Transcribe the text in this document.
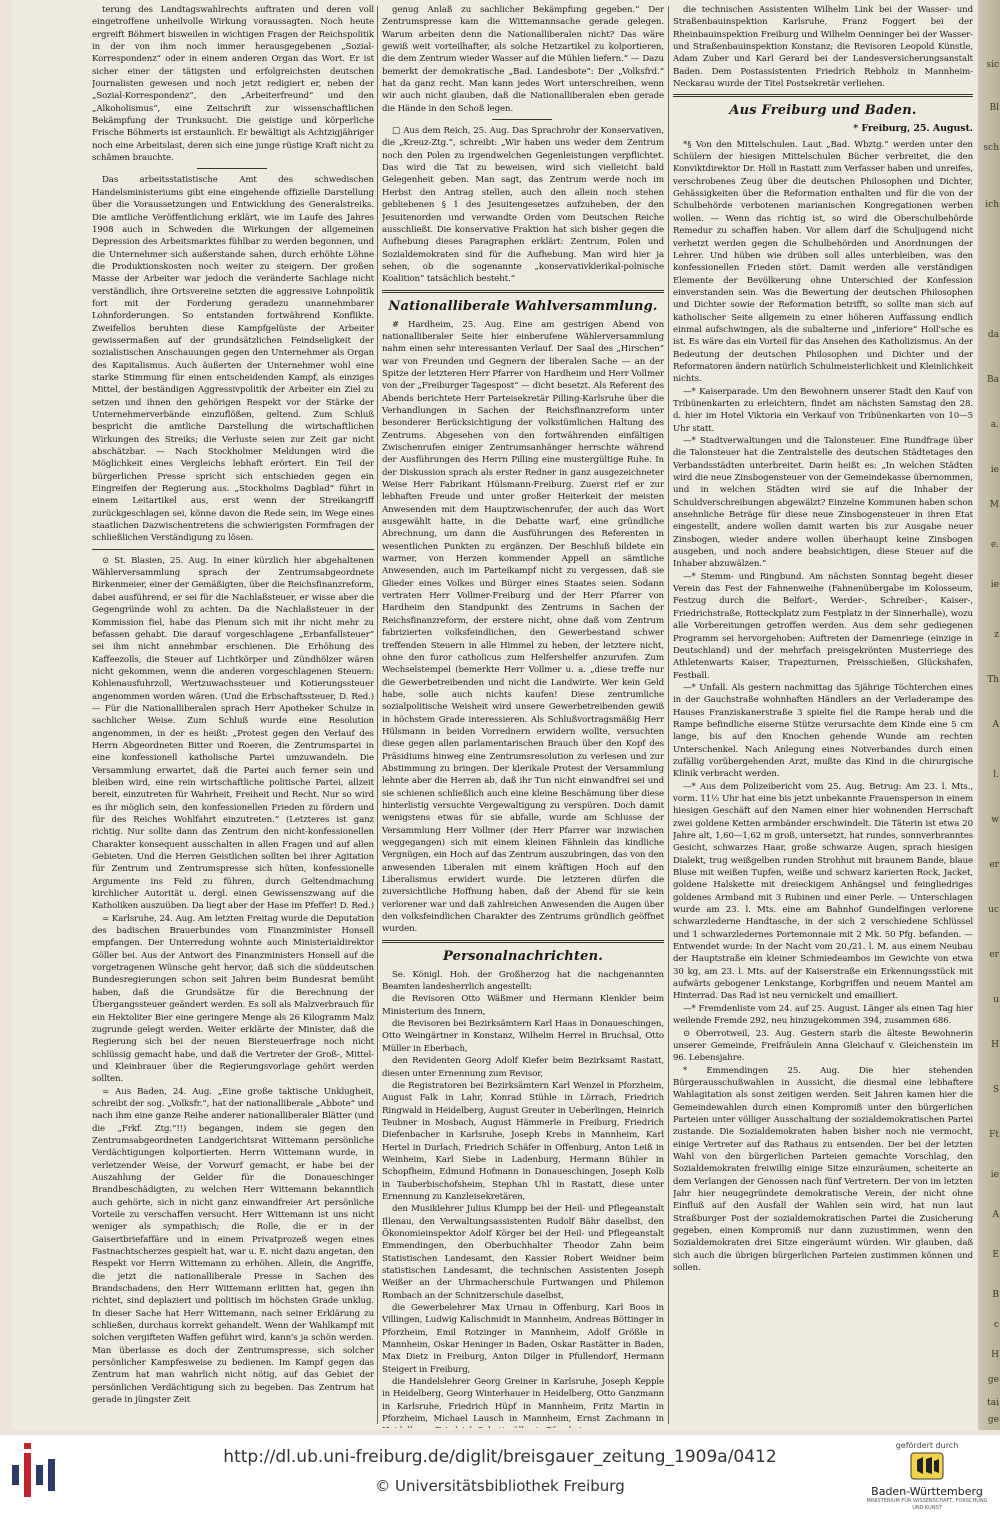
terung des Landtagswahlrechts auftraten und deren voll eingetroffene unheilvolle Wirkung voraussagten. Noch heute ergreift Böhmert bisweilen in wichtigen Fragen der Reichspolitik in der von ihm noch immer herausgegebenen „Sozial-Korrespondenz“ oder in einem anderen Organ das Wort. Er ist sicher einer der tätigsten und erfolgreichsten deutschen Journalisten gewesen und noch jetzt redigiert er, neben der „Sozial-Korrespondenz“, den „Arbeiterfreund“ und den „Alkoholismus“, eine Zeitschrift zur wissenschaftlichen Bekämpfung der Trunksucht. Die geistige und körperliche Frische Böhmerts ist erstaunlich. Er bewältigt als Achtzigjähriger noch eine Arbeitslast, deren sich eine junge rüstige Kraft nicht zu schämen brauchte.

Das arbeitsstatistische Amt des schwedischen Handelsministeriums gibt eine eingehende offizielle Darstellung über die Voraussetzungen und Entwicklung des Generalstreiks. Die amtliche Veröffentlichung erklärt, wie im Laufe des Jahres 1908 auch in Schweden die Wirkungen der allgemeinen Depression des Arbeitsmarktes fühlbar zu werden begonnen, und die Unternehmer sich außerstande sahen, durch erhöhte Löhne die Produktionskosten noch weiter zu steigern. Der großen Masse der Arbeiter war jedoch die veränderte Sachlage nicht verständlich, ihre Ortsvereine setzten die aggressive Lohnpolitik fort mit der Forderung geradezu unannehmbarer Lohnforderungen. So entstanden fortwährend Konflikte. Zweifellos beruhten diese Kampfgelüste der Arbeiter gewissermaßen auf der grundsätzlichen Feindseligkeit der sozialistischen Anschauungen gegen den Unternehmer als Organ des Kapitalismus. Auch äußerten der Unternehmer wohl eine starke Stimmung für einen entscheidenden Kampf, als einziges Mittel, der beständigen Aggressivpolitik der Arbeiter ein Ziel zu setzen und ihnen den gehörigen Respekt vor der Stärke der Unternehmerverbände einzuflößen, geltend. Zum Schluß bespricht die amtliche Darstellung die wirtschaftlichen Wirkungen des Streiks; die Verluste seien zur Zeit gar nicht abschätzbar. — Nach Stockholmer Meldungen wird die Möglichkeit eines Vergleichs lebhaft erörtert. Ein Teil der bürgerlichen Presse spricht sich entschieden gegen ein Eingreifen der Regierung aus. „Stockholms Dagblad“ führt in einem Leitartikel aus, erst wenn der Streikangriff zurückgeschlagen sei, könne davon die Rede sein, im Wege eines staatlichen Dazwischentretens die schwierigsten Formfragen der schließlichen Verständigung zu lösen.

⊙ St. Blasien, 25. Aug. In einer kürzlich hier abgehaltenen Wählerversammlung sprach der Zentrumsabgeordnete Birkenmeier, einer der Gemäßigten, über die Reichsfinanzreform, dabei ausführend, er sei für die Nachlaßsteuer, er wisse aber die Gegengründe wohl zu achten. Da die Nachlaßsteuer in der Kommission fiel, habe das Plenum sich mit ihr nicht mehr zu befassen gehabt. Die darauf vorgeschlagene „Erbanfallsteuer“ sei ihm nicht annehmbar erschienen. Die Erhöhung des Kaffeezolls, die Steuer auf Lichtkörper und Zündhölzer wären nicht gekommen, wenn die anderen vorgeschlagenen Steuern: Kohlenausfuhrzoll, Wertzuwachssteuer und Kotierungssteuer angenommen worden wären. (Und die Erbschaftssteuer, D. Red.) — Für die Nationalliberalen sprach Herr Apotheker Schulze in sachlicher Weise. Zum Schluß wurde eine Resolution angenommen, in der es heißt: „Protest gegen den Verlauf des Herrn Abgeordneten Bitter und Roeren, die Zentrumspartei in eine konfessionell katholische Partei umzuwandeln. Die Versammlung erwartet, daß die Partei auch ferner sein und bleiben wird, eine rein wirtschaftliche politische Partei, allzeit bereit, einzutreten für Wahrheit, Freiheit und Recht. Nur so wird es ihr möglich sein, den konfessionellen Frieden zu fördern und für des Reiches Wohlfahrt einzutreten.“ (Letzteres ist ganz richtig. Nur sollte dann das Zentrum den nicht-konfessionellen Charakter konsequent ausschalten in allen Fragen und auf allen Gebieten. Und die Herren Geistlichen sollten bei ihrer Agitation für Zentrum und Zentrumspresse sich hüten, konfessionelle Argumente ins Feld zu führen, durch Geltendmachung kirchlicher Autorität u. dergl. einen Gewissenszwang auf die Katholiken auszuüben. Da liegt aber der Hase im Pfeffer! D. Red.)

= Karlsruhe, 24. Aug. Am letzten Freitag wurde die Deputation des badischen Brauerbundes vom Finanzminister Honsell empfangen. Der Unterredung wohnte auch Ministerialdirektor Göller bei. Aus der Antwort des Finanzministers Honsell auf die vorgetragenen Wünsche geht hervor, daß sich die süddeutschen Bundesregierungen schon seit Jahren beim Bundesrat bemüht haben, daß die Grundsätze für die Berechnung der Übergangssteuer geändert werden. Es soll als Malzverbrauch für ein Hektoliter Bier eine geringere Menge als 26 Kilogramm Malz zugrunde gelegt werden. Weiter erklärte der Minister, daß die Regierung sich bei der neuen Biersteuerfrage noch nicht schlüssig gemacht habe, und daß die Vertreter der Groß-, Mittel- und Kleinbrauer über die Regierungsvorlage gehört werden sollten.

= Aus Baden, 24. Aug. „Eine große taktische Unklugheit, schreibt der sog. „Volksfr.“, hat der nationalliberale „Abbote“ und nach ihm eine ganze Reihe anderer nationalliberaler Blätter (und die „Frkf. Ztg.“!!) begangen, indem sie gegen den Zentrumsabgeordneten Landgerichtsrat Wittemann persönliche Verdächtigungen kolportierten. Herrn Wittemann wurde, in verletzender Weise, der Vorwurf gemacht, er habe bei der Auszahlung der Gelder für die Donaueschinger Brandbeschädigten, zu welchen Herr Wittemann bekanntlich auch gehörte, sich in nicht ganz einwandfreier Art persönliche Vorteile zu verschaffen versucht. Herr Wittemann ist uns nicht weniger als sympathisch; die Rolle, die er in der Gaisertbriefaffäre und in einem Privatprozeß wegen eines Fastnachtscherzes gespielt hat, war u. E. nicht dazu angetan, den Respekt vor Herrn Wittemann zu erhöhen. Allein, die Angriffe, die jetzt die nationalliberale Presse in Sachen des Brandschadens, den Herr Wittemann erlitten hat, gegen ihn richtet, sind deplaziert und politisch im höchsten Grade unklug. In dieser Sache hat Herr Wittemann, nach seiner Erklärung zu schließen, durchaus korrekt gehandelt. Wenn der Wahlkampf mit solchen vergifteten Waffen geführt wird, kann's ja schön werden. Man überlasse es doch der Zentrumspresse, sich solcher persönlicher Kampfesweise zu bedienen. Im Kampf gegen das Zentrum hat man wahrlich nicht nötig, auf das Gebiet der persönlichen Verdächtigung sich zu begeben. Das Zentrum hat gerade in jüngster Zeit

genug Anlaß zu sachlicher Bekämpfung gegeben.“ Der Zentrumspresse kam die Wittemannsache gerade gelegen. Warum arbeiten denn die Nationalliberalen nicht? Das wäre gewiß weit vorteilhafter, als solche Hetzartikel zu kolportieren, die dem Zentrum wieder Wasser auf die Mühlen liefern.“ — Dazu bemerkt der demokratische „Bad. Landesbote“: Der „Volksfrd.“ hat da ganz recht. Man kann jedes Wort unterschreiben, wenn wir auch nicht glauben, daß die Nationalliberalen eben gerade die Hände in den Schoß legen.

□ Aus dem Reich, 25. Aug. Das Sprachrohr der Konservativen, die „Kreuz-Ztg.“, schreibt: „Wir haben uns weder dem Zentrum noch den Polen zu irgendwelchen Gegenleistungen verpflichtet. Das wird die Tat zu beweisen, wird sich vielleicht bald Gelegenheit geben. Man sagt, das Zentrum werde noch im Herbst den Antrag stellen, auch den allein noch stehen gebliebenen § 1 des Jesuitengesetzes aufzuheben, der den Jesuitenorden und verwandte Orden vom Deutschen Reiche ausschließt. Die konservative Fraktion hat sich bisher gegen die Aufhebung dieses Paragraphen erklärt: Zentrum, Polen und Sozialdemokraten sind für die Aufhebung. Man wird hier ja sehen, ob die sogenannte „konservativklerikal-polnische Koalition“ tatsächlich besteht.“

Nationalliberale Wahlversammlung.

# Hardheim, 25. Aug. Eine am gestrigen Abend von nationalliberaler Seite hier einberufene Wählerversammlung nahm einen sehr interessanten Verlauf. Der Saal des „Hirschen“ war von Freunden und Gegnern der liberalen Sache — an der Spitze der letzteren Herr Pfarrer von Hardheim und Herr Vollmer von der „Freiburger Tagespost“ — dicht besetzt. Als Referent des Abends berichtete Herr Parteisekretär Pilling-Karlsruhe über die Verhandlungen in Sachen der Reichsfinanzreform unter besonderer Berücksichtigung der volkstümlichen Haltung des Zentrums. Abgesehen von den fortwährenden einfältigen Zwischenrufen einiger Zentrumsanhänger herrschte während der Ausführungen des Herrn Pilling eine mustergültige Ruhe. In der Diskussion sprach als erster Redner in ganz ausgezeichneter Weise Herr Fabrikant Hülsmann-Freiburg. Zuerst rief er zur lebhaften Freude und unter großer Heiterkeit der meisten Anwesenden mit dem Hauptzwischenrufer, der auch das Wort ausgewählt hatte, in die Debatte warf, eine gründliche Abrechnung, um dann die Ausführungen des Referenten in wesentlichen Punkten zu ergänzen. Der Beschluß bildete ein warmer, von Herzen kommender Appell an sämtliche Anwesenden, auch im Parteikampf nicht zu vergessen, daß sie Glieder eines Volkes und Bürger eines Staates seien. Sodann vertraten Herr Vollmer-Freiburg und der Herr Pfarrer von Hardheim den Standpunkt des Zentrums in Sachen der Reichsfinanzreform, der erstere nicht, ohne daß vom Zentrum fabrizierten volksfeindlichen, den Gewerbestand schwer treffenden Steuern in alle Himmel zu heben, der letztere nicht, ohne den furor catholicus zum Helfershelfer anzurufen. Zum Wechselstempel (bemerkte Herr Vollmer u. a. „diese treffe nur die Gewerbetreibenden und nicht die Landwirte. Wer kein Geld habe, solle auch nichts kaufen! Diese zentrumliche sozialpolitische Weisheit wird unsere Gewerbetreibenden gewiß in höchstem Grade interessieren. Als Schlußvortragsmäßig Herr Hülsmann in beiden Vorrednern erwidern wollte, versuchten diese gegen allen parlamentarischen Brauch über den Kopf des Präsidiums hinweg eine Zentrumsresolution zu verlesen und zur Abstimmung zu bringen. Der klerikale Protest der Versammlung lehnte aber die Herren ab, daß ihr Tun nicht einwandfrei sei und sie schienen schließlich auch eine kleine Beschämung über diese hinterlistig versuchte Vergewaltigung zu verspüren. Doch damit wenigstens etwas für sie abfalle, wurde am Schlusse der Versammlung Herr Vollmer (der Herr Pfarrer war inzwischen weggegangen) sich mit einem kleinen Fähnlein das kindliche Vergnügen, ein Hoch auf das Zentrum auszubringen, das von den anwesenden Liberalen mit einem kräftigen Hoch auf den Liberalismus erwidert wurde. Die letzteren dürfen die zuversichtliche Hoffnung haben, daß der Abend für sie kein verlorener war und daß zahlreichen Anwesenden die Augen über den volksfeindlichen Charakter des Zentrums gründlich geöffnet wurden.

Personalnachrichten.

Se. Königl. Hoh. der Großherzog hat die nachgenannten Beamten landesherrlich angestellt:

die Revisoren Otto Wäßmer und Hermann Klenkler beim Ministerium des Innern,

die Revisoren bei Bezirksämtern Karl Haas in Donaueschingen, Otto Weingärtner in Konstanz, Wilhelm Herrel in Bruchsal, Otto Müller in Eberbach,

den Revidenten Georg Adolf Kiefer beim Bezirksamt Rastatt, diesen unter Ernennung zum Revisor,

die Registratoren bei Bezirksämtern Karl Wenzel in Pforzheim, August Falk in Lahr, Konrad Stühle in Lörrach, Friedrich Ringwald in Heidelberg, August Greuter in Ueberlingen, Heinrich Teubner in Mosbach, August Hämmerle in Freiburg, Friedrich Diefenbacher in Karlsruhe, Joseph Krebs in Mannheim, Karl Hertel in Durlach, Friedrich Schäfer in Offenburg, Anton Leiß in Weinheim, Karl Siebe in Ladenburg, Hermann Bühler in Schopfheim, Edmund Hofmann in Donaueschingen, Joseph Kolb in Tauberbischofsheim, Stephan Uhl in Rastatt, diese unter Ernennung zu Kanzleisekretären,

den Musiklehrer Julius Klumpp bei der Heil- und Pflegeanstalt Illenau, den Verwaltungsassistenten Rudolf Bähr daselbst, den Ökonomieinspektor Adolf Körger bei der Heil- und Pflegeanstalt Emmendingen, den Oberbuchhalter Theodor Zahn beim Statistischen Landesamt, den Kassier Robert Weidner beim statistischen Landesamt, die technischen Assistenten Joseph Weißer an der Uhrmacherschule Furtwangen und Philemon Rombach an der Schnitzerschule daselbst,

die Gewerbelehrer Max Urnau in Offenburg, Karl Boos in Villingen, Ludwig Kalischmidt in Mannheim, Andreas Böttinger in Pforzheim, Emil Rotzinger in Mannheim, Adolf Größle in Mannheim, Oskar Heninger in Baden, Oskar Rastätter in Baden, Max Dietz in Freiburg, Anton Dilger in Pfullendorf, Hermann Steigert in Freiburg,

die Handelslehrer Georg Greiner in Karlsruhe, Joseph Kepple in Heidelberg, Georg Winterhauer in Heidelberg, Otto Ganzmann in Karlsruhe, Friedrich Hüpf in Mannheim, Fritz Martin in Pforzheim, Michael Lausch in Mannheim, Ernst Zachmann in

die technischen Assistenten Wilhelm Link bei der Wasser- und Straßenbauinspektion Karlsruhe, Franz Foggert bei der Rheinbauinspektion Freiburg und Wilhelm Oenninger bei der Wasser- und Straßenbauinspektion Konstanz; die Revisoren Leopold Künstle, Adam Zuber und Karl Gerard bei der Landesversicherungsanstalt Baden. Dem Postassistenten Friedrich Rebholz in Mannheim-Neckarau wurde der Titel Postsekretär verliehen.

Aus Freiburg und Baden.
* Freiburg, 25. August.

*§ Von den Mittelschulen. Laut „Bad. Wbztg.“ werden unter den Schülern der hiesigen Mittelschulen Bücher verbreitet, die den Konviktdirektor Dr. Holl in Rastatt zum Verfasser haben und unreifes, verschrobenes Zeug über die deutschen Philosophen und Dichter, Gehässigkeiten über die Reformation enthalten und für die von der Schulbehörde verbotenen marianischen Kongregationen werben wollen. — Wenn das richtig ist, so wird die Oberschulbehörde Remedur zu schaffen haben. Vor allem darf die Schuljugend nicht verhetzt werden gegen die Schulbehörden und Anordnungen der Lehrer. Und hüben wie drüben soll alles unterbleiben, was den konfessionellen Frieden stört. Damit werden alle verständigen Elemente der Bevölkerung ohne Unterschied der Konfession einverstanden sein. Was die Bewertung der deutschen Philosophen und Dichter sowie der Reformation betrifft, so sollte man sich auf katholischer Seite allgemein zu einer höheren Auffassung endlich einmal aufschwingen, als die subalterne und „inferiore“ Holl'sche es ist. Es wäre das ein Vorteil für das Ansehen des Katholizismus. An der Bedeutung der deutschen Philosophen und Dichter und der Reformatoren ändern natürlich Schulmeisterlichkeit und Kleinlichkeit nichts.

—* Kaiserparade. Um den Bewohnern unserer Stadt den Kauf von Tribünenkarten zu erleichtern, findet am nächsten Samstag den 28. d. hier im Hotel Viktoria ein Verkauf von Tribünenkarten von 10—5 Uhr statt.

—* Stadtverwaltungen und die Talonsteuer. Eine Rundfrage über die Talonsteuer hat die Zentralstelle des deutschen Städtetages den Verbandsstädten unterbreitet. Darin heißt es: „In welchen Städten wird die neue Zinsbogensteuer von der Gemeindekasse übernommen, und in welchen Städten wird sie auf die Inhaber der Schuldverschreibungen abgewälzt? Einzelne Kommunen haben schon ansehnliche Beträge für diese neue Zinsbogensteuer in ihren Etat eingestellt, andere wollen damit warten bis zur Ausgabe neuer Zinsbogen, wieder andere wollen überhaupt keine Zinsbogen ausgeben, und noch andere beabsichtigen, diese Steuer auf die Inhaber abzuwälzen.“

—* Stemm- und Ringbund. Am nächsten Sonntag begeht dieser Verein das Fest der Fahnenweihe (Fahnenübergabe im Kolosseum, Festzug durch die Belfort-, Werder-, Schreiber-, Kaiser-, Friedrichstraße, Rotteckplatz zum Festplatz in der Sinnerhalle), wozu alle Vorbereitungen getroffen werden. Aus dem sehr gediegenen Programm sei hervorgehoben: Auftreten der Damenriege (einzige in Deutschland) und der mehrfach preisgekrönten Musterriege des Athletenwarts Kaiser, Trapezturnen, Preisschießen, Glückshafen, Festball.

—* Unfall. Als gestern nachmittag das 5jährige Töchterchen eines in der Gauchstraße wohnhaften Händlers an der Verladerampe des Hauses Franziskanerstraße 3 spielte fiel die Rampe herab und die Rampe befindliche eiserne Stütze verursachte dem Kinde eine 5 cm lange, bis auf den Knochen gehende Wunde am rechten Unterschenkel. Nach Anlegung eines Notverbandes durch einen zufällig vorübergehenden Arzt, mußte das Kind in die chirurgische Klinik verbracht werden.

—* Aus dem Polizeibericht vom 25. Aug. Betrug: Am 23. l. Mts., vorm. 11½ Uhr hat eine bis jetzt unbekannte Frauensperson in einem hiesigen Geschäft auf den Namen einer hier wohnenden Herrschaft zwei goldene Ketten armbänder erschwindelt. Die Täterin ist etwa 20 Jahre alt, 1,60—1,62 m groß, untersetzt, hat rundes, sonnverbranntes Gesicht, schwarzes Haar, große schwarze Augen, sprach hiesigen Dialekt, trug weißgelben runden Strohhut mit braunem Bande, blaue Bluse mit weißen Tupfen, weiße und schwarz karierten Rock, Jacket, goldene Halskette mit dreieckigem Anhängsel und feingliedriges goldenes Armband mit 3 Rubinen und einer Perle. — Unterschlagen wurde am 23. l. Mts. eine am Bahnhof Gundelfingen verlorene schwarzlederne Handtasche, in der sich 2 verschiedene Schlüssel und 1 schwarzledernes Portemonnaie mit 2 Mk. 50 Pfg. befanden. — Entwendet wurde: In der Nacht vom 20./21. l. M. aus einem Neubau der Hauptstraße ein kleiner Schmiedeambos im Gewichte von etwa 30 kg, am 23. l. Mts. auf der Kaiserstraße ein Erkennungsstück mit aufwärts gebogener Lenkstange, Korbgriffen und neuem Mantel am Hinterrad. Das Rad ist neu vernickelt und emailliert.

—* Fremdenliste vom 24. auf 25. August. Länger als einen Tag hier weilende Fremde 292, neu hinzugekommen 394, zusammen 686.

⊙ Oberrotweil, 23. Aug. Gestern starb die älteste Bewohnerin unserer Gemeinde, Freifräulein Anna Gleichauf v. Gleichenstein im 96. Lebensjahre.

* Emmendingen 25. Aug. Die hier stehenden Bürgerausschußwahlen in Aussicht, die diesmal eine lebhaftere Wahlagitation als sonst zeitigen werden. Seit Jahren kamen hier die Gemeindewahlen durch einen Kompromiß unter den bürgerlichen Parteien unter völliger Ausschaltung der sozialdemokratischen Partei zustande. Die Sozialdemokraten haben bisher noch nie vermocht, einige Vertreter auf das Rathaus zu entsenden. Der bei der letzten Wahl von den bürgerlichen Parteien gemachte Vorschlag, den Sozialdemokraten freiwillig einige Sitze einzuräumen, scheiterte an dem Verlangen der Genossen nach fünf Vertretern. Der von im letzten Jahr hier neugegründete demokratische Verein, der nicht ohne Einfluß auf den Ausfall der Wahlen sein wird, hat nun laut Straßburger Post der sozialdemokratischen Partei die Zusicherung gegeben, einen Kompromiß nur dann zuzustimmen, wenn den Sozialdemokraten drei Sitze eingeräumt würden. Wir glauben, daß sich auch die übrigen bürgerlichen Parteien zustimmen können und sollen.

sic
Bl
sch
ich
da
Ba
a.
ie
M
e.
ie
z
Th
A
l.
w
er
uc
er
u
H
S
Ft
ie
A
E
B
c
H
ge
tai
ge
http://dl.ub.uni-freiburg.de/diglit/breisgauer_zeitung_1909a/0412
© Universitätsbibliothek Freiburg
gefördert durch
Baden-Württemberg
MINISTERIUM FÜR WISSENSCHAFT, FORSCHUNG UND KUNST
